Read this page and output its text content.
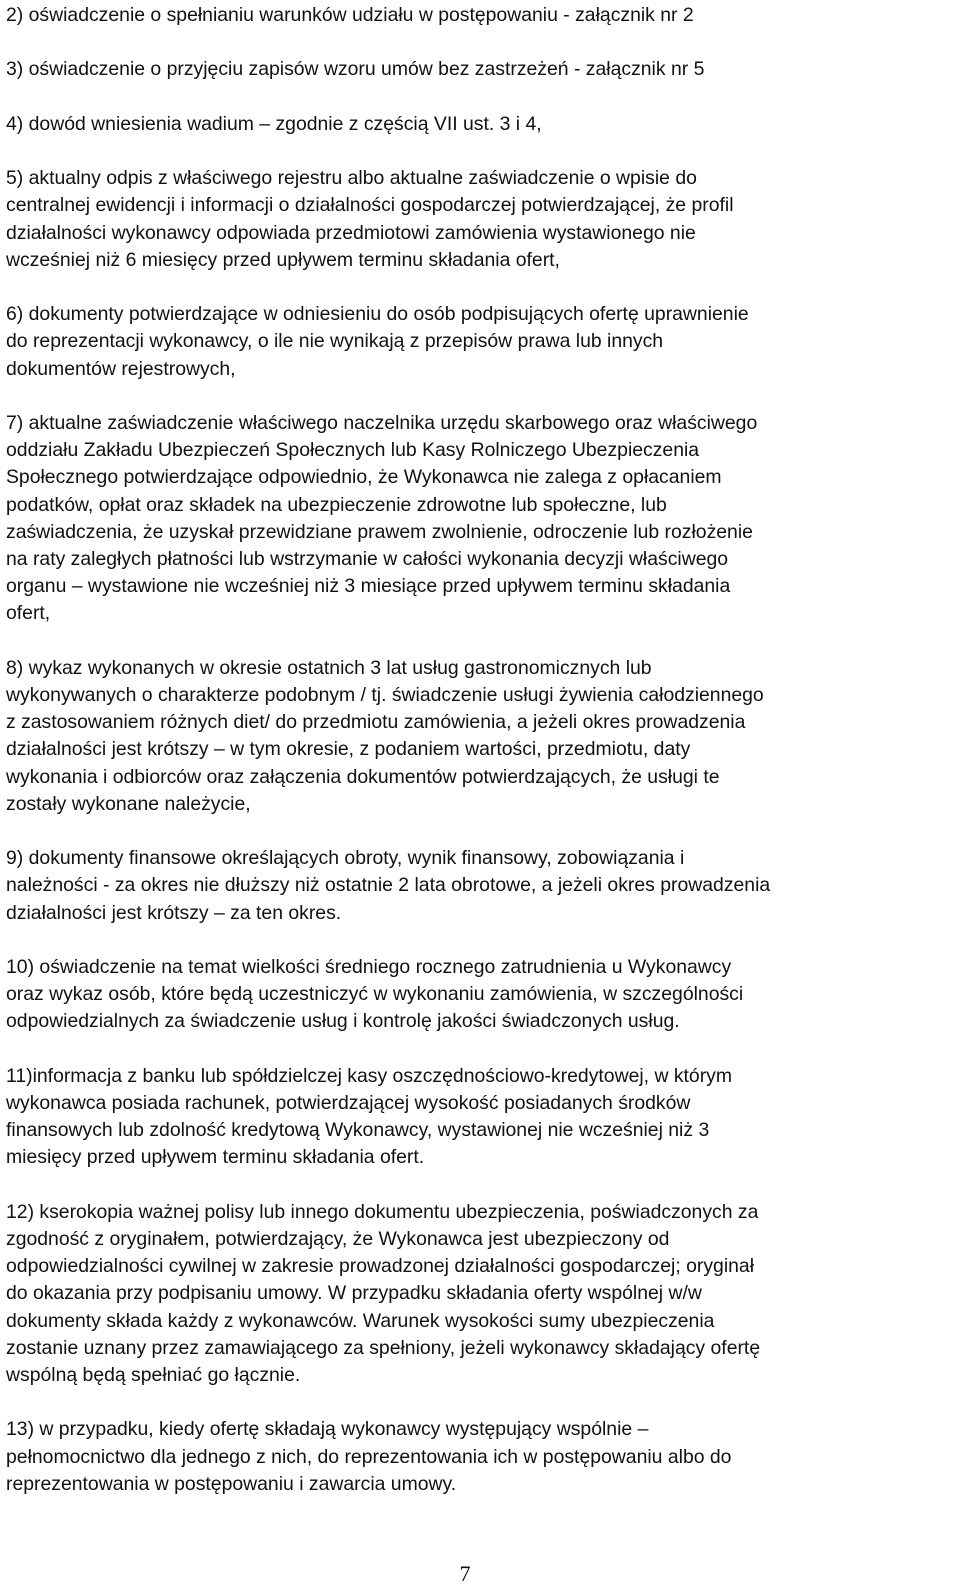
2) oświadczenie o spełnianiu warunków udziału w postępowaniu - załącznik nr 2
3) oświadczenie o przyjęciu zapisów wzoru umów bez zastrzeżeń - załącznik nr 5
4) dowód wniesienia wadium – zgodnie z częścią VII ust. 3 i 4,
5) aktualny odpis z właściwego rejestru albo aktualne zaświadczenie o wpisie do
centralnej ewidencji i informacji o działalności gospodarczej potwierdzającej, że profil
działalności wykonawcy odpowiada przedmiotowi zamówienia wystawionego nie
wcześniej niż 6 miesięcy przed upływem terminu składania ofert,
6) dokumenty potwierdzające w odniesieniu do osób podpisujących ofertę uprawnienie
do reprezentacji wykonawcy, o ile nie wynikają z przepisów prawa lub innych
dokumentów rejestrowych,
7) aktualne zaświadczenie właściwego naczelnika urzędu skarbowego oraz właściwego
oddziału Zakładu Ubezpieczeń Społecznych lub Kasy Rolniczego Ubezpieczenia
Społecznego potwierdzające odpowiednio, że Wykonawca nie zalega z opłacaniem
podatków, opłat oraz składek na ubezpieczenie zdrowotne lub społeczne, lub
zaświadczenia, że uzyskał przewidziane prawem zwolnienie, odroczenie lub rozłożenie
na raty zaległych płatności lub wstrzymanie w całości wykonania decyzji właściwego
organu – wystawione nie wcześniej niż 3 miesiące przed upływem terminu składania
ofert,
8) wykaz wykonanych w okresie ostatnich 3 lat usług gastronomicznych lub
wykonywanych o charakterze podobnym / tj. świadczenie usługi żywienia całodziennego
z zastosowaniem różnych diet/ do przedmiotu zamówienia, a jeżeli okres prowadzenia
działalności jest krótszy – w tym okresie, z podaniem wartości, przedmiotu, daty
wykonania i odbiorców oraz załączenia dokumentów potwierdzających, że usługi te
zostały wykonane należycie,
9) dokumenty finansowe określających obroty, wynik finansowy, zobowiązania i
należności - za okres nie dłuższy niż ostatnie 2 lata obrotowe, a jeżeli okres prowadzenia
działalności jest krótszy – za ten okres.
10) oświadczenie na temat wielkości średniego rocznego zatrudnienia u Wykonawcy
oraz wykaz osób, które będą uczestniczyć w wykonaniu zamówienia, w szczególności
odpowiedzialnych za świadczenie usług i kontrolę jakości świadczonych usług.
11)informacja z banku lub spółdzielczej kasy oszczędnościowo-kredytowej, w którym
wykonawca posiada rachunek, potwierdzającej wysokość posiadanych środków
finansowych lub zdolność kredytową Wykonawcy, wystawionej nie wcześniej niż 3
miesięcy przed upływem terminu składania ofert.
12) kserokopia ważnej polisy lub innego dokumentu ubezpieczenia, poświadczonych za
zgodność z oryginałem, potwierdzający, że Wykonawca jest ubezpieczony od
odpowiedzialności cywilnej w zakresie prowadzonej działalności gospodarczej; oryginał
do okazania przy podpisaniu umowy. W przypadku składania oferty wspólnej w/w
dokumenty składa każdy z wykonawców. Warunek wysokości sumy ubezpieczenia
zostanie uznany przez zamawiającego za spełniony, jeżeli wykonawcy składający ofertę
wspólną będą spełniać go łącznie.
13) w przypadku, kiedy ofertę składają wykonawcy występujący wspólnie –
pełnomocnictwo dla jednego z nich, do reprezentowania ich w postępowaniu albo do
reprezentowania w postępowaniu i zawarcia umowy.
7
